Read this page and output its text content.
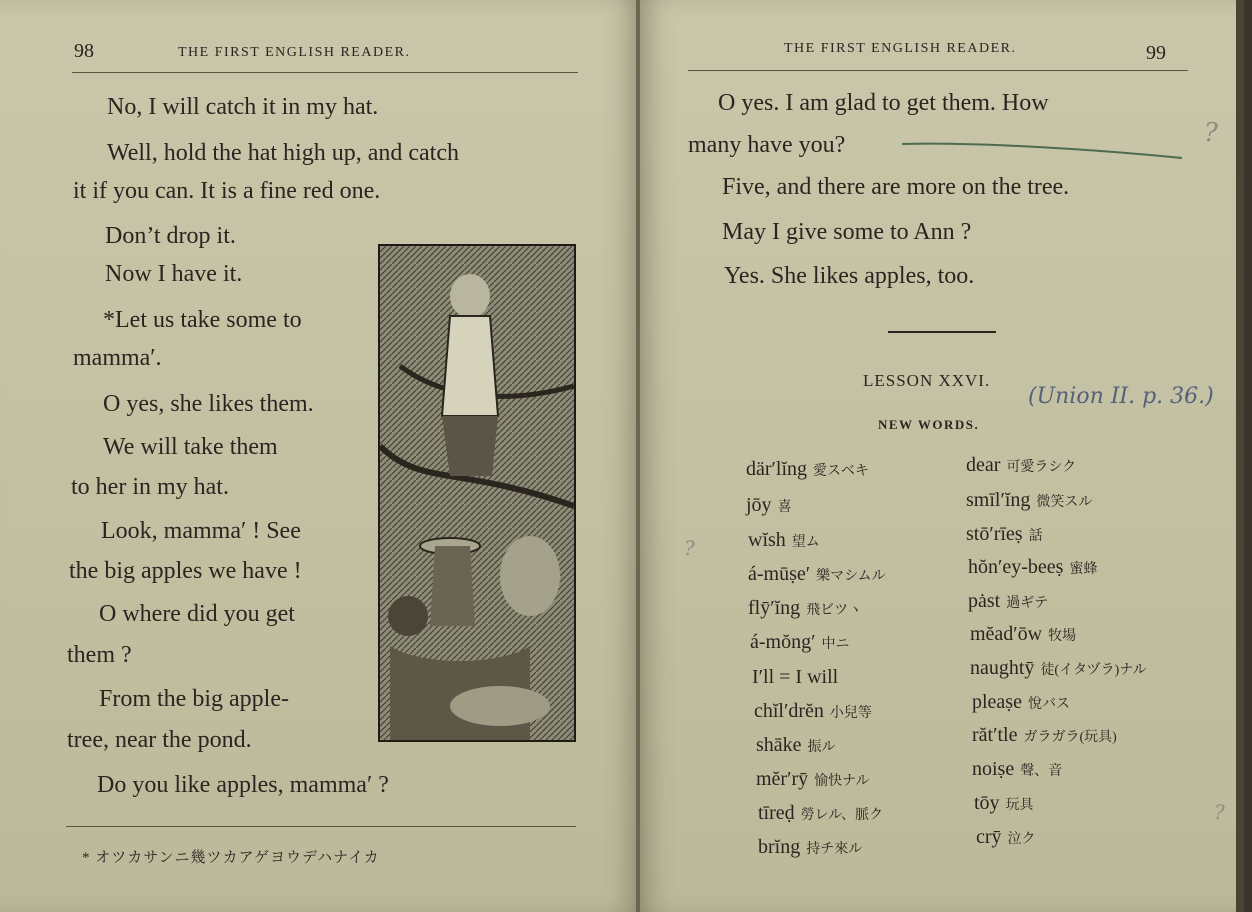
98	THE FIRST ENGLISH READER.
No, I will catch it in my hat.
Well, hold the hat high up, and catch
it if you can. It is a fine red one.
Don’t drop it.
Now I have it.
*Let us take some to
mamma′.
O yes, she likes them.
We will take them
to her in my hat.
Look, mamma′ ! See
the big apples we have !
O where did you get
them ?
From the big apple-
tree, near the pond.
Do you like apples, mamma′ ?
* オツカサンニ幾ツカアゲヨウデハナイカ
THE FIRST ENGLISH READER.	99
O yes. I am glad to get them. How
many have you?
Five, and there are more on the tree.
May I give some to Ann ?
Yes. She likes apples, too.
LESSON XXVI.
NEW WORDS.
(Union II. p. 36.)
?
?
?
där′lĭng 愛スベキ
jōy 喜
wĭsh 望ム
á-mūṣe′ 樂マシムル
flȳ′ĭng 飛ビツヽ
á-mŏng′ 中ニ
I′ll = I will
chĭl′drĕn 小兒等
shāke 振ル
mĕr′rȳ 愉快ナル
tīreḍ 勞レル、脈ク
brĭng 持チ來ル
dear 可愛ラシク
smīl′ĭng 微笑スル
stō′rīeṣ 話
hŏn′ey-beeṣ 蜜蜂
pȧst 過ギテ
mĕad′ōw 牧場
naughtȳ 徒(イタヅラ)ナル
pleaṣe 悅バス
răt′tle ガラガラ(玩具)
noiṣe 聲、音
tōy 玩具
crȳ 泣ク
